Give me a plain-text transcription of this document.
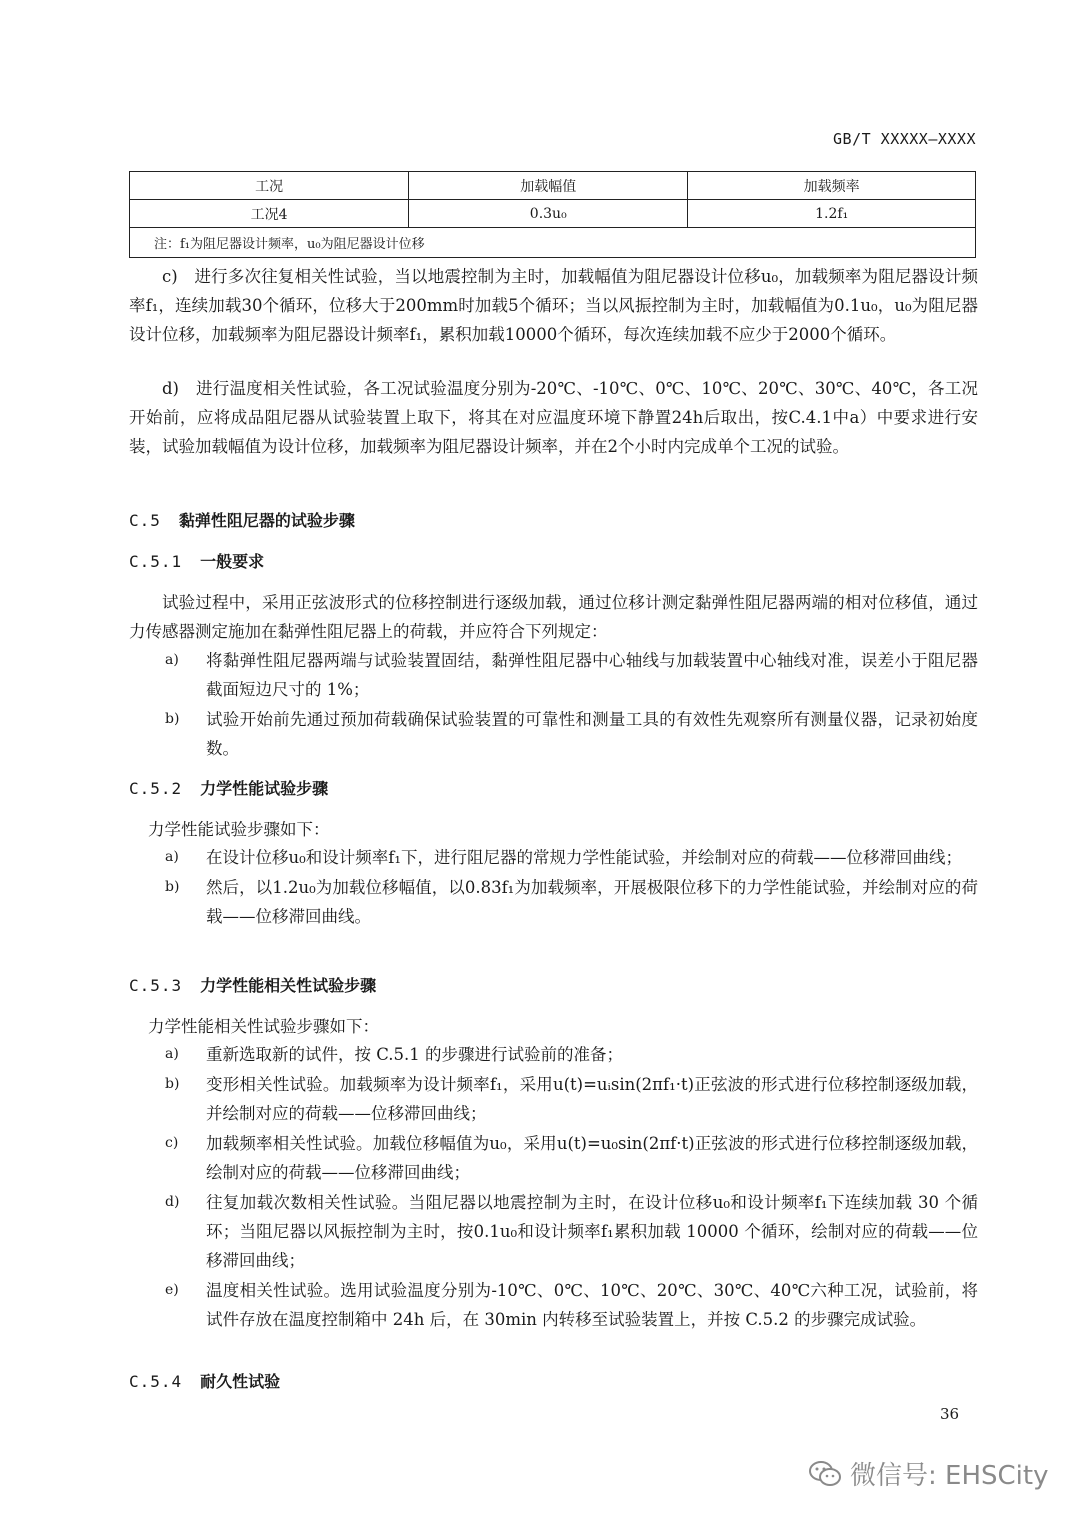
GB/T XXXXX—XXXX
工况	加载幅值	加载频率
工况4	0.3u₀	1.2f₁
注：f₁为阻尼器设计频率，u₀为阻尼器设计位移		
c)　进行多次往复相关性试验，当以地震控制为主时，加载幅值为阻尼器设计位移u₀，加载频率为阻尼器设计频率f₁，连续加载30个循环，位移大于200mm时加载5个循环；当以风振控制为主时，加载幅值为0.1u₀，u₀为阻尼器设计位移，加载频率为阻尼器设计频率f₁，累积加载10000个循环，每次连续加载不应少于2000个循环。
d)　进行温度相关性试验，各工况试验温度分别为-20℃、-10℃、0℃、10℃、20℃、30℃、40℃，各工况开始前，应将成品阻尼器从试验装置上取下，将其在对应温度环境下静置24h后取出，按C.4.1中a）中要求进行安装，试验加载幅值为设计位移，加载频率为阻尼器设计频率，并在2个小时内完成单个工况的试验。
C.5 黏弹性阻尼器的试验步骤
C.5.1 一般要求
试验过程中，采用正弦波形式的位移控制进行逐级加载，通过位移计测定黏弹性阻尼器两端的相对位移值，通过力传感器测定施加在黏弹性阻尼器上的荷载，并应符合下列规定：
a)	将黏弹性阻尼器两端与试验装置固结，黏弹性阻尼器中心轴线与加载装置中心轴线对准，误差小于阻尼器截面短边尺寸的 1%；
b)	试验开始前先通过预加荷载确保试验装置的可靠性和测量工具的有效性先观察所有测量仪器，记录初始度数。
C.5.2 力学性能试验步骤
力学性能试验步骤如下：
a)	在设计位移u₀和设计频率f₁下，进行阻尼器的常规力学性能试验，并绘制对应的荷载——位移滞回曲线；
b)	然后，以1.2u₀为加载位移幅值，以0.83f₁为加载频率，开展极限位移下的力学性能试验，并绘制对应的荷载——位移滞回曲线。
C.5.3 力学性能相关性试验步骤
力学性能相关性试验步骤如下：
a)	重新选取新的试件，按 C.5.1 的步骤进行试验前的准备；
b)	变形相关性试验。加载频率为设计频率f₁，采用u(t)=uᵢsin(2πf₁·t)正弦波的形式进行位移控制逐级加载，并绘制对应的荷载——位移滞回曲线；
c)	加载频率相关性试验。加载位移幅值为u₀，采用u(t)=u₀sin(2πf·t)正弦波的形式进行位移控制逐级加载，绘制对应的荷载——位移滞回曲线；
d)	往复加载次数相关性试验。当阻尼器以地震控制为主时，在设计位移u₀和设计频率f₁下连续加载 30 个循环；当阻尼器以风振控制为主时，按0.1u₀和设计频率f₁累积加载 10000 个循环，绘制对应的荷载——位移滞回曲线；
e)	温度相关性试验。选用试验温度分别为-10℃、0℃、10℃、20℃、30℃、40℃六种工况，试验前，将试件存放在温度控制箱中 24h 后，在 30min 内转移至试验装置上，并按 C.5.2 的步骤完成试验。
C.5.4 耐久性试验
36
微信号: EHSCity
